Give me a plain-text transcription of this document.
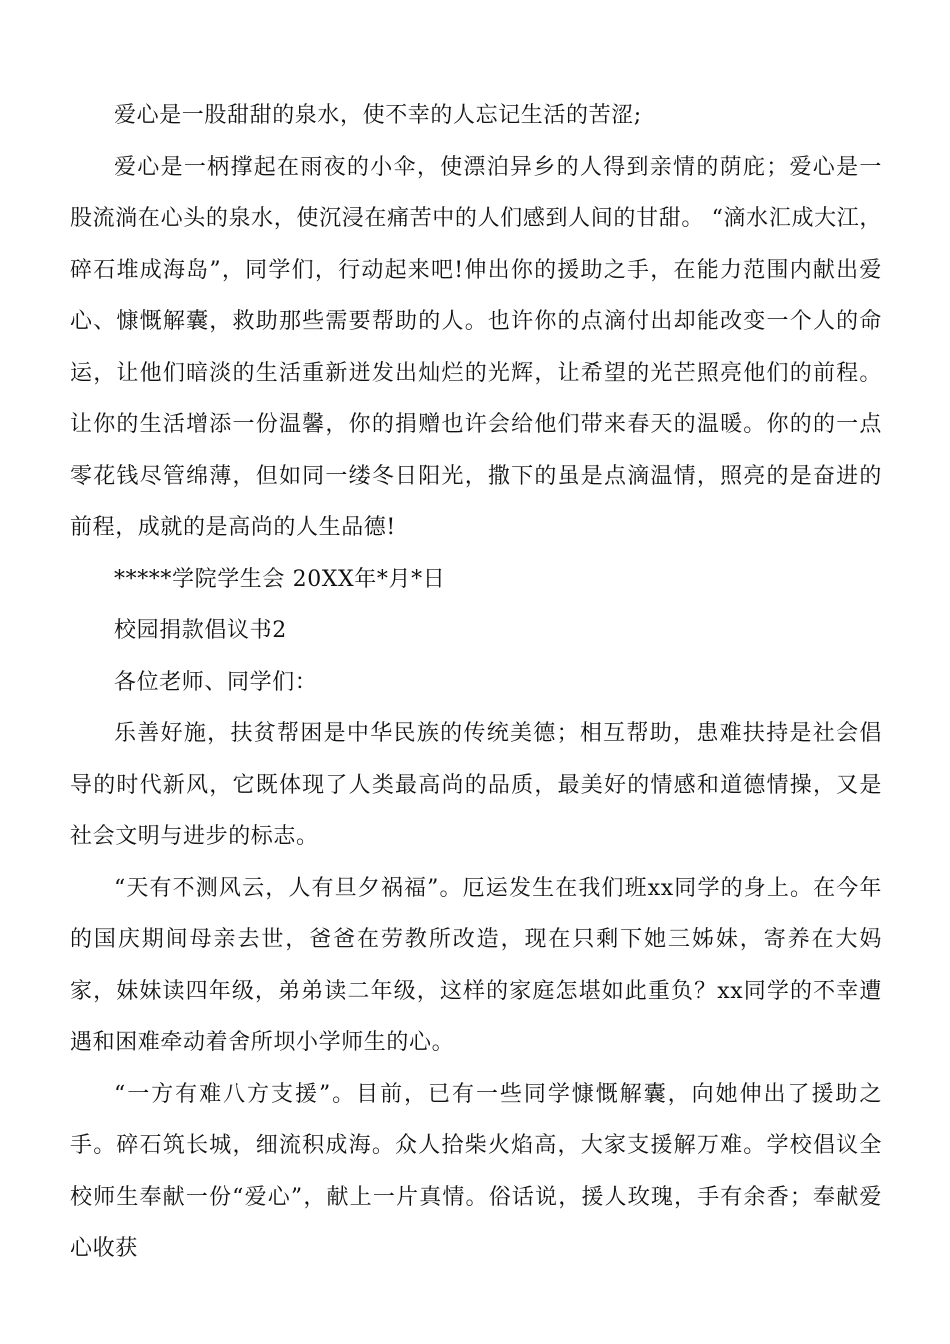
爱心是一股甜甜的泉水，使不幸的人忘记生活的苦涩;

爱心是一柄撑起在雨夜的小伞，使漂泊异乡的人得到亲情的荫庇；爱心是一股流淌在心头的泉水，使沉浸在痛苦中的人们感到人间的甘甜。 “滴水汇成大江，碎石堆成海岛”，同学们，行动起来吧!伸出你的援助之手，在能力范围内献出爱心、慷慨解囊，救助那些需要帮助的人。也许你的点滴付出却能改变一个人的命运，让他们暗淡的生活重新迸发出灿烂的光辉，让希望的光芒照亮他们的前程。让你的生活增添一份温馨，你的捐赠也许会给他们带来春天的温暖。你的的一点零花钱尽管绵薄，但如同一缕冬日阳光，撒下的虽是点滴温情，照亮的是奋进的前程，成就的是高尚的人生品德!

*****学院学生会 20XX年*月*日

校园捐款倡议书2

各位老师、同学们：

乐善好施，扶贫帮困是中华民族的传统美德；相互帮助，患难扶持是社会倡导的时代新风，它既体现了人类最高尚的品质，最美好的情感和道德情操，又是社会文明与进步的标志。

“天有不测风云，人有旦夕祸福”。厄运发生在我们班xx同学的身上。在今年的国庆期间母亲去世，爸爸在劳教所改造，现在只剩下她三姊妹，寄养在大妈家，妹妹读四年级，弟弟读二年级，这样的家庭怎堪如此重负？xx同学的不幸遭遇和困难牵动着舍所坝小学师生的心。

“一方有难八方支援”。目前，已有一些同学慷慨解囊，向她伸出了援助之手。碎石筑长城，细流积成海。众人拾柴火焰高，大家支援解万难。学校倡议全校师生奉献一份“爱心”，献上一片真情。俗话说，援人玫瑰，手有余香；奉献爱心收获
